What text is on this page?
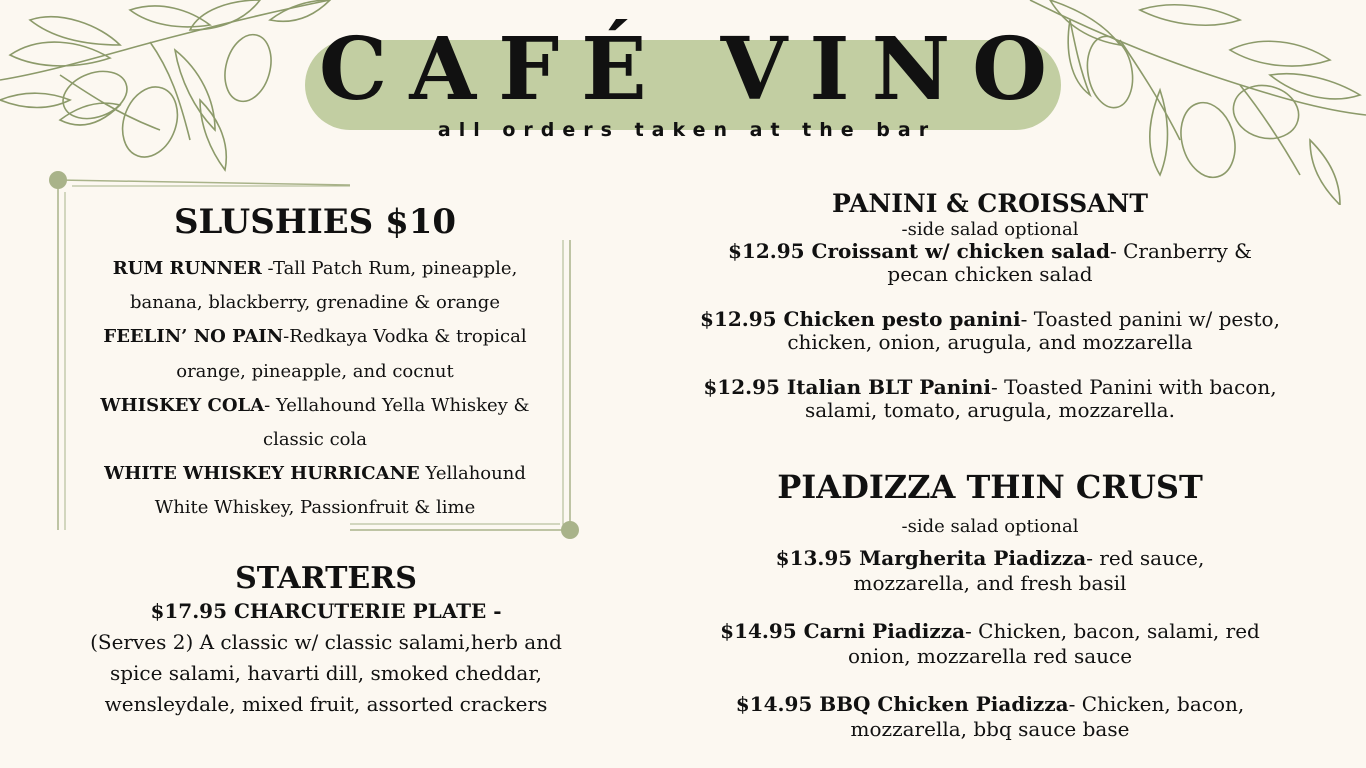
CAFÉ VINO
all orders taken at the bar

SLUSHIES $10

RUM RUNNER -Tall Patch Rum, pineapple, banana, blackberry, grenadine & orange

FEELIN’ NO PAIN-Redkaya Vodka & tropical orange, pineapple, and cocnut

WHISKEY COLA- Yellahound Yella Whiskey & classic cola

WHITE WHISKEY HURRICANE Yellahound White Whiskey, Passionfruit & lime

STARTERS

$17.95 CHARCUTERIE PLATE -

(Serves 2) A classic w/ classic salami,herb and spice salami, havarti dill, smoked cheddar, wensleydale, mixed fruit, assorted crackers

PANINI & CROISSANT

-side salad optional

$12.95 Croissant w/ chicken salad- Cranberry & pecan chicken salad

$12.95 Chicken pesto panini- Toasted panini w/ pesto, chicken, onion, arugula, and mozzarella

$12.95 Italian BLT Panini- Toasted Panini with bacon, salami, tomato, arugula, mozzarella.

PIADIZZA THIN CRUST

-side salad optional

$13.95 Margherita Piadizza- red sauce, mozzarella, and fresh basil

$14.95 Carni Piadizza- Chicken, bacon, salami, red onion, mozzarella red sauce

$14.95 BBQ Chicken Piadizza- Chicken, bacon, mozzarella, bbq sauce base
